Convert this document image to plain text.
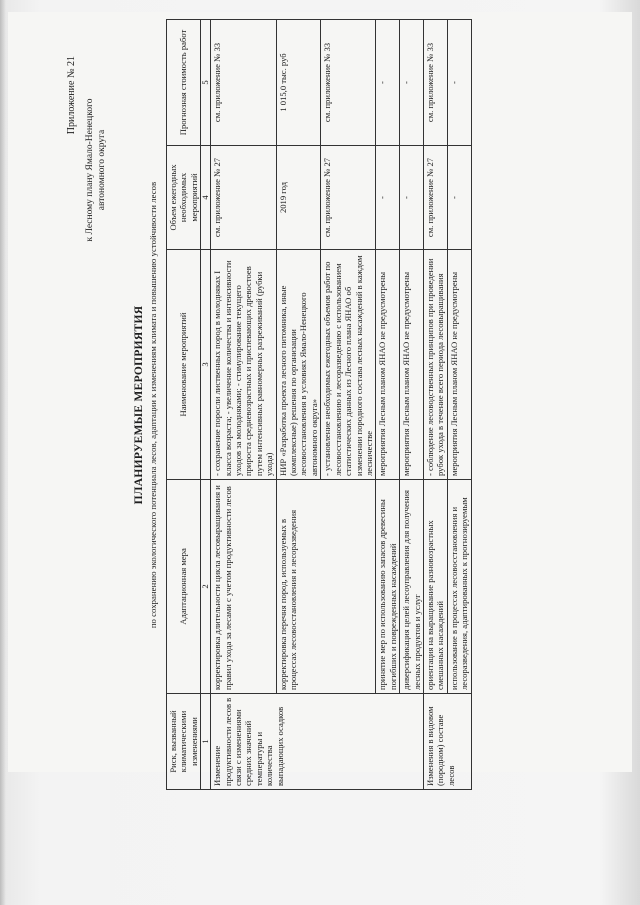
Приложение № 21
к Лесному плану Ямало-Ненецкого автономного округа
ПЛАНИРУЕМЫЕ МЕРОПРИЯТИЯ по сохранению экологического потенциала лесов, адаптации к изменениям климата и повышению устойчивости лесов
Риск, вызванный климатическими изменениями	Адаптационная мера	Наименование мероприятий	Объем ежегодных необходимых мероприятий	Прогнозная стоимость работ
1	2	3	4	5
Изменение продуктивности лесов в связи с изменениями средних значений температуры и количества выпадающих осадков	корректировка длительности цикла лесовыращивания и правил ухода за лесами с учетом продуктивности лесов	- сохранение поросли лиственных пород в молодняках I класса возраста; - увеличение количества и интенсивности уходов за молодняками; - стимулирование текущего прироста средневозрастных и приспевающих древостоев путем интенсивных равномерных разреживаний (рубки ухода)	см. приложение № 27	см. приложение № 33
	корректировка перечня пород, используемых в процессах лесовосстановления и лесоразведения	НИР «Разработка проекта лесного питомника, иные (комплексные) решения по организации лесовосстановления в условиях Ямало-Ненецкого автономного округа»	2019 год	1 015,0 тыс. руб
		- установление необходимых ежегодных объемов работ по лесовосстановлению и лесоразведению с использованием статистических данных из Лесного плана ЯНАО об изменении породного состава лесных насаждений в каждом лесничестве	см. приложение № 27	см. приложение № 33
	принятие мер по использованию запасов древесины погибших и поврежденных насаждений	мероприятия Лесным планом ЯНАО не предусмотрены	-	-
	диверсификация целей лесоуправления для получения лесных продуктов и услуг	мероприятия Лесным планом ЯНАО не предусмотрены	-	-
Изменения в видовом (породном) составе лесов	ориентация на выращивание разновозрастных смешанных насаждений	- соблюдение лесоводственных принципов при проведении рубок ухода в течение всего периода лесовыращивания	см. приложение № 27	см. приложение № 33
	использование в процессах лесовосстановления и лесоразведения, адаптированных к прогнозируемым	мероприятия Лесным планом ЯНАО не предусмотрены	-	-
